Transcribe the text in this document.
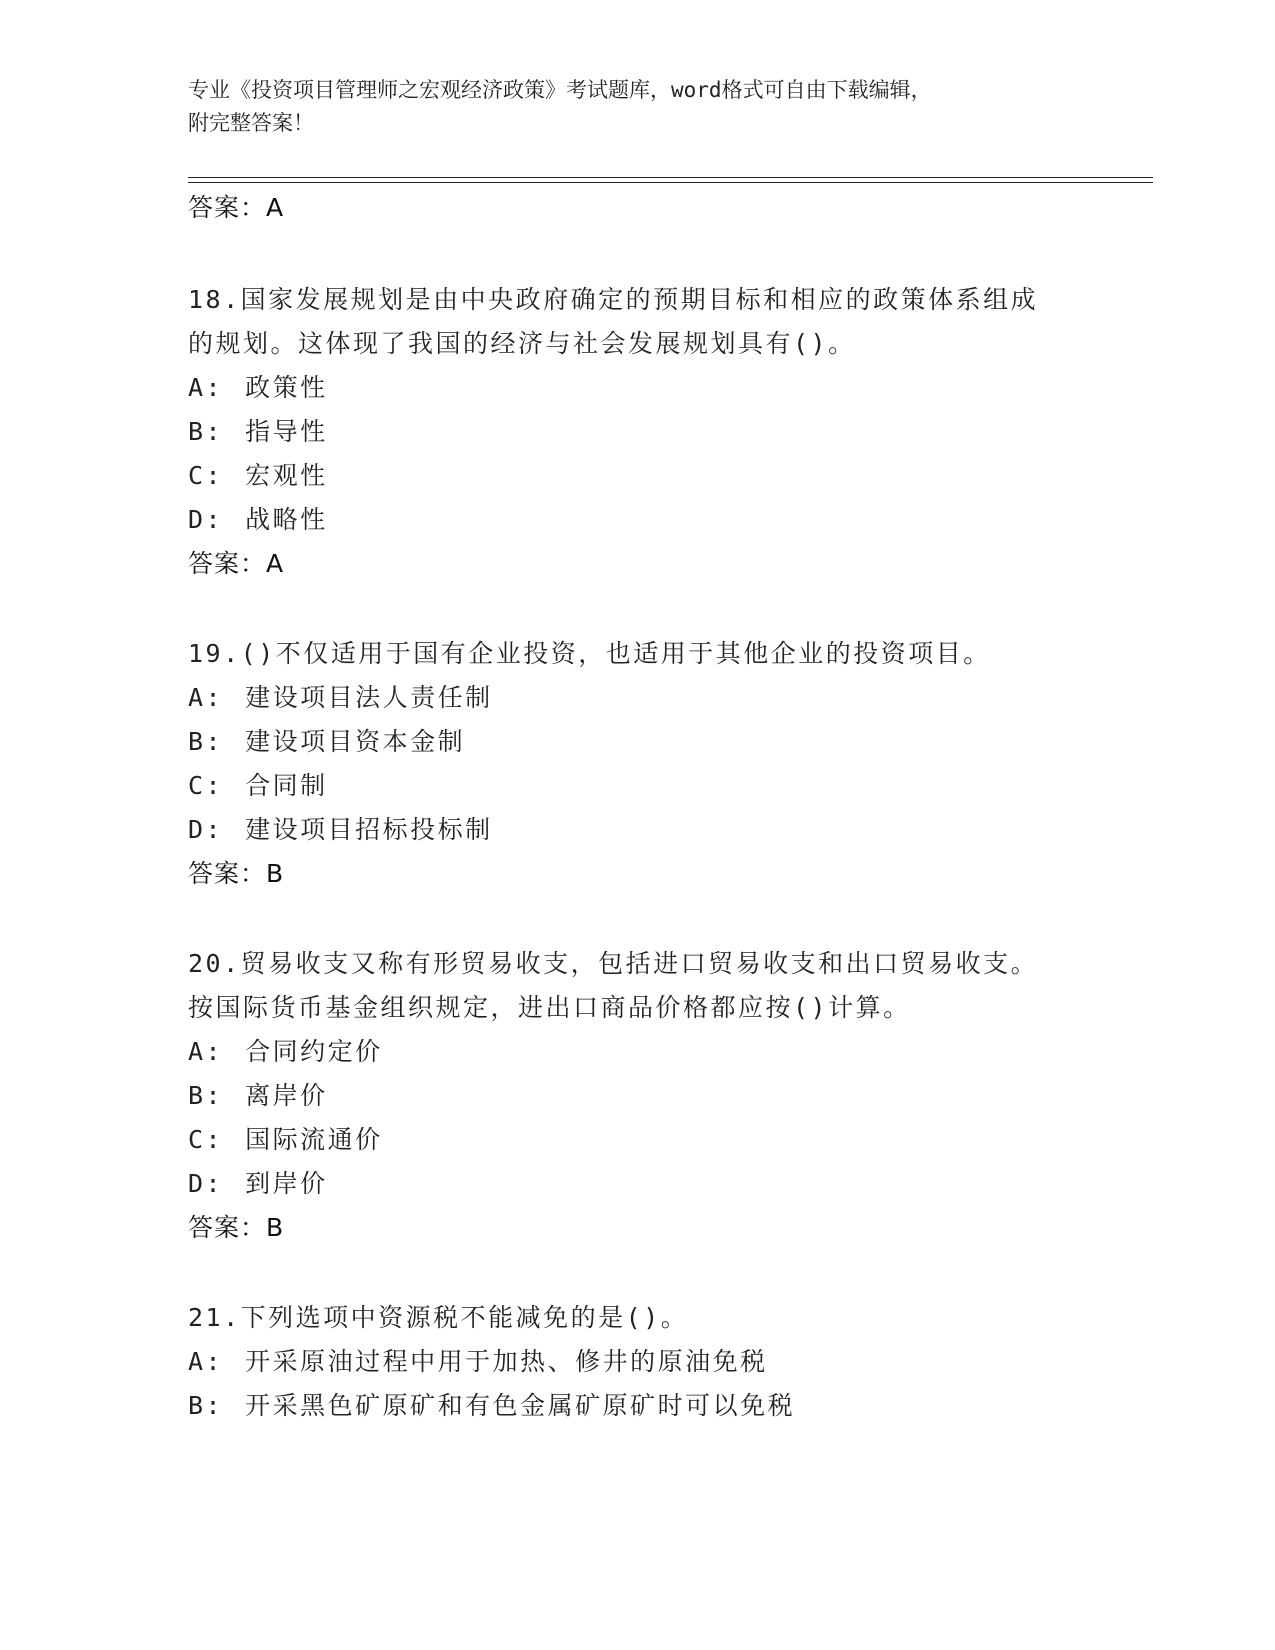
专业《投资项目管理师之宏观经济政策》考试题库，word格式可自由下载编辑，
附完整答案！
答案：A
18.国家发展规划是由中央政府确定的预期目标和相应的政策体系组成
的规划。这体现了我国的经济与社会发展规划具有()。
A: 政策性
B: 指导性
C: 宏观性
D: 战略性
答案：A
19.()不仅适用于国有企业投资，也适用于其他企业的投资项目。
A: 建设项目法人责任制
B: 建设项目资本金制
C: 合同制
D: 建设项目招标投标制
答案：B
20.贸易收支又称有形贸易收支，包括进口贸易收支和出口贸易收支。
按国际货币基金组织规定，进出口商品价格都应按()计算。
A: 合同约定价
B: 离岸价
C: 国际流通价
D: 到岸价
答案：B
21.下列选项中资源税不能减免的是()。
A: 开采原油过程中用于加热、修井的原油免税
B: 开采黑色矿原矿和有色金属矿原矿时可以免税
